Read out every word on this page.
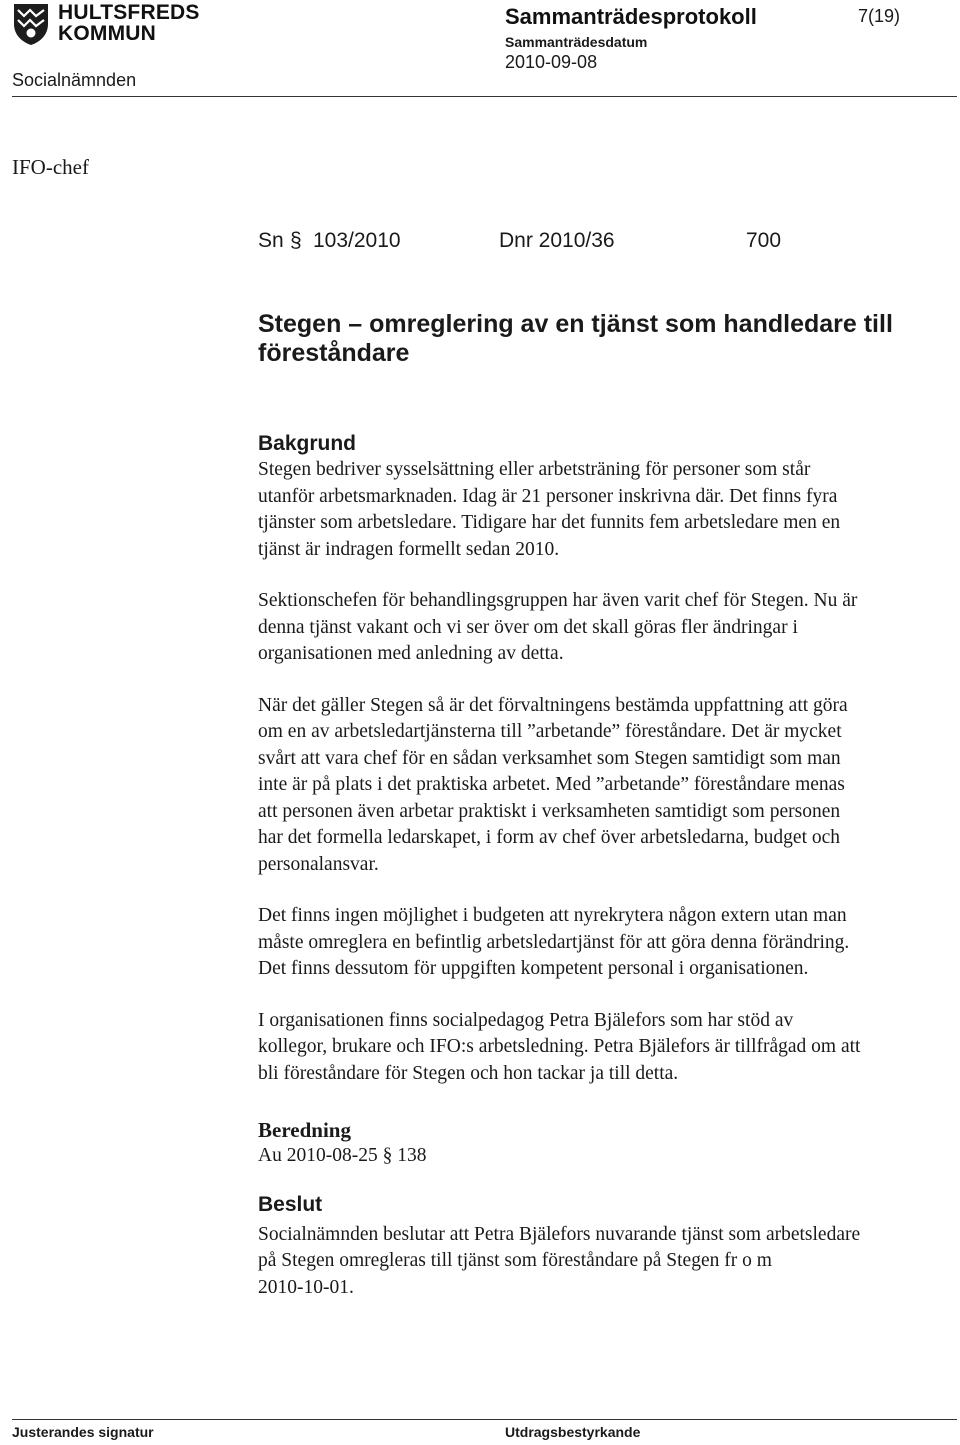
HULTSFREDS
KOMMUN
Socialnämnden
Sammanträdesprotokoll
Sammanträdesdatum
2010-09-08
7(19)
IFO-chef
Sn § 103/2010	Dnr 2010/36	700
Stegen – omreglering av en tjänst som handledare till
föreståndare
Bakgrund

Stegen bedriver sysselsättning eller arbetsträning för personer som står
utanför arbetsmarknaden. Idag är 21 personer inskrivna där. Det finns fyra
tjänster som arbetsledare. Tidigare har det funnits fem arbetsledare men en
tjänst är indragen formellt sedan 2010.

Sektionschefen för behandlingsgruppen har även varit chef för Stegen. Nu är
denna tjänst vakant och vi ser över om det skall göras fler ändringar i
organisationen med anledning av detta.

När det gäller Stegen så är det förvaltningens bestämda uppfattning att göra
om en av arbetsledartjänsterna till ”arbetande” föreståndare. Det är mycket
svårt att vara chef för en sådan verksamhet som Stegen samtidigt som man
inte är på plats i det praktiska arbetet. Med ”arbetande” föreståndare menas
att personen även arbetar praktiskt i verksamheten samtidigt som personen
har det formella ledarskapet, i form av chef över arbetsledarna, budget och
personalansvar.

Det finns ingen möjlighet i budgeten att nyrekrytera någon extern utan man
måste omreglera en befintlig arbetsledartjänst för att göra denna förändring.
Det finns dessutom för uppgiften kompetent personal i organisationen.

I organisationen finns socialpedagog Petra Bjälefors som har stöd av
kollegor, brukare och IFO:s arbetsledning. Petra Bjälefors är tillfrågad om att
bli föreståndare för Stegen och hon tackar ja till detta.

Beredning

Au 2010-08-25 § 138

Beslut

Socialnämnden beslutar att Petra Bjälefors nuvarande tjänst som arbetsledare
på Stegen omregleras till tjänst som föreståndare på Stegen fr o m
2010-10-01.

Justerandes signatur	Utdragsbestyrkande
